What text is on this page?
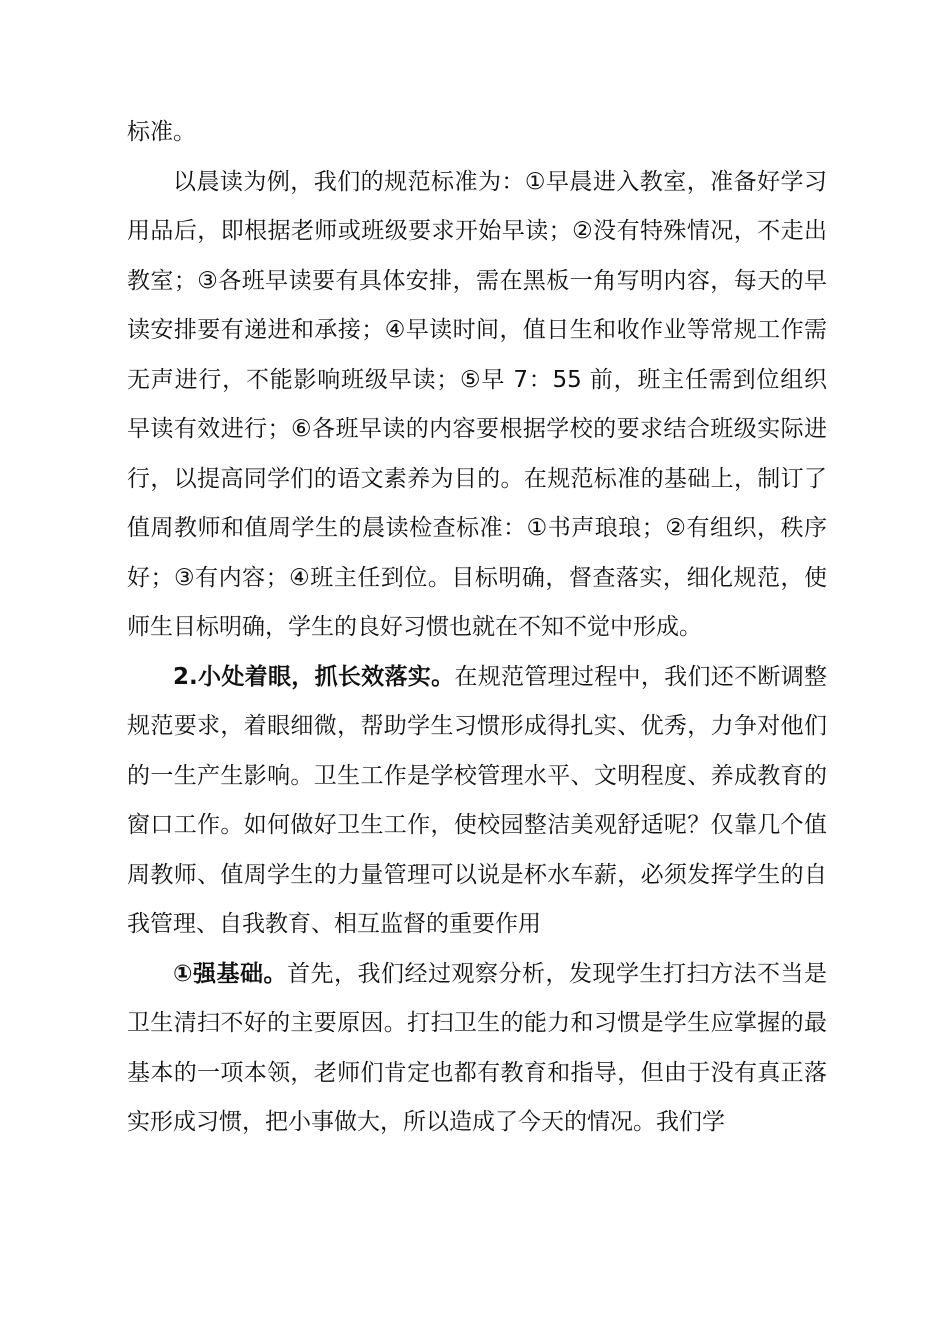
标准。

以晨读为例，我们的规范标准为：①早晨进入教室，准备好学习用品后，即根据老师或班级要求开始早读；②没有特殊情况，不走出教室；③各班早读要有具体安排，需在黑板一角写明内容，每天的早读安排要有递进和承接；④早读时间，值日生和收作业等常规工作需无声进行，不能影响班级早读；⑤早 7：55 前，班主任需到位组织早读有效进行；⑥各班早读的内容要根据学校的要求结合班级实际进行，以提高同学们的语文素养为目的。在规范标准的基础上，制订了值周教师和值周学生的晨读检查标准：①书声琅琅；②有组织，秩序好；③有内容；④班主任到位。目标明确，督查落实，细化规范，使师生目标明确，学生的良好习惯也就在不知不觉中形成。

2.小处着眼，抓长效落实。在规范管理过程中，我们还不断调整规范要求，着眼细微，帮助学生习惯形成得扎实、优秀，力争对他们的一生产生影响。卫生工作是学校管理水平、文明程度、养成教育的窗口工作。如何做好卫生工作，使校园整洁美观舒适呢？仅靠几个值周教师、值周学生的力量管理可以说是杯水车薪，必须发挥学生的自我管理、自我教育、相互监督的重要作用

①强基础。首先，我们经过观察分析，发现学生打扫方法不当是卫生清扫不好的主要原因。打扫卫生的能力和习惯是学生应掌握的最基本的一项本领，老师们肯定也都有教育和指导，但由于没有真正落实形成习惯，把小事做大，所以造成了今天的情况。我们学
